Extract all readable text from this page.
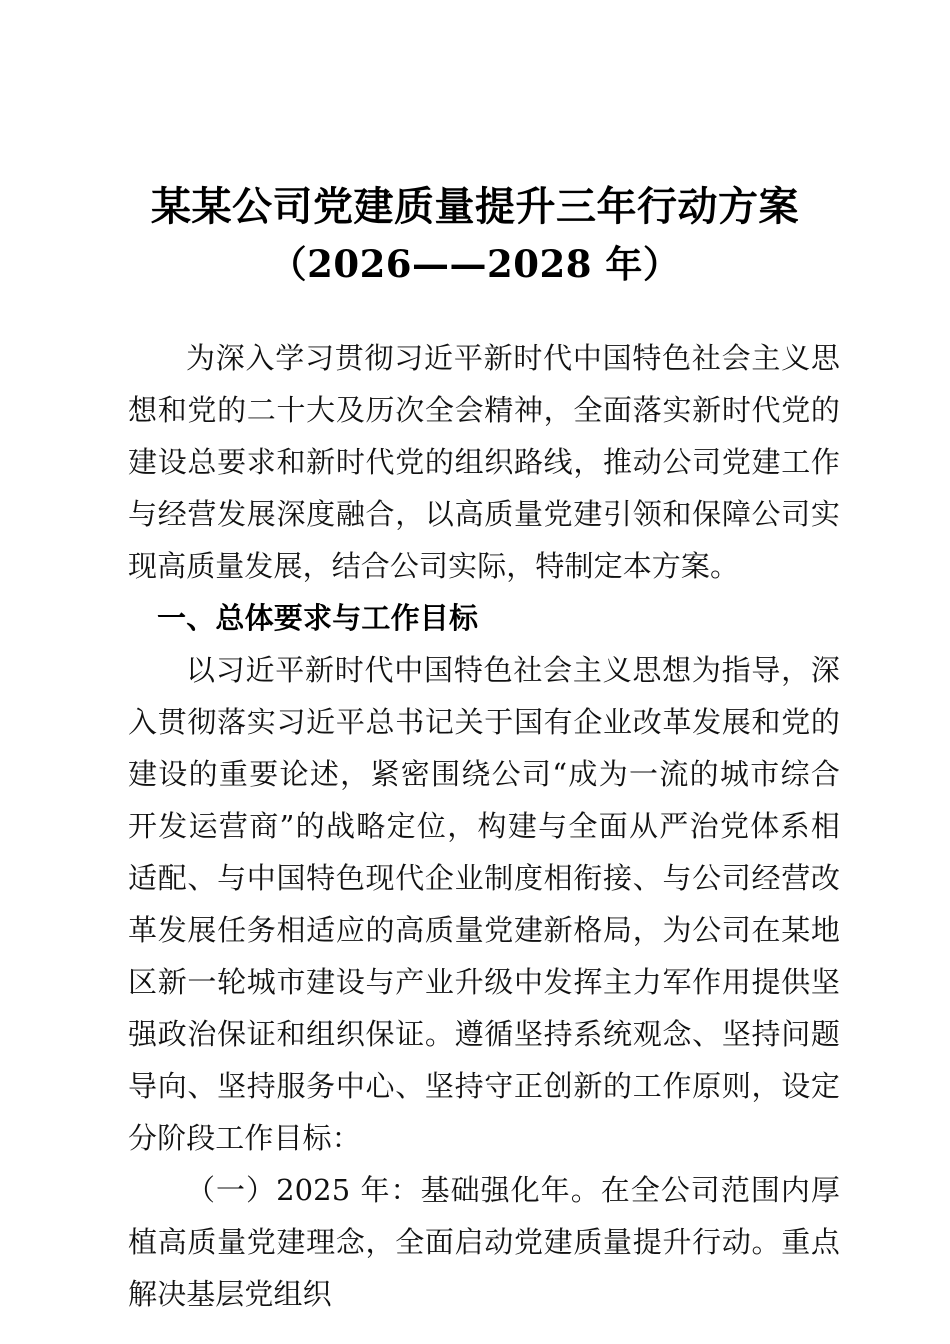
某某公司党建质量提升三年行动方案
（2026——2028 年）

为深入学习贯彻习近平新时代中国特色社会主义思想和党的二十大及历次全会精神，全面落实新时代党的建设总要求和新时代党的组织路线，推动公司党建工作与经营发展深度融合，以高质量党建引领和保障公司实现高质量发展，结合公司实际，特制定本方案。

一、总体要求与工作目标

以习近平新时代中国特色社会主义思想为指导，深入贯彻落实习近平总书记关于国有企业改革发展和党的建设的重要论述，紧密围绕公司“成为一流的城市综合开发运营商”的战略定位，构建与全面从严治党体系相适配、与中国特色现代企业制度相衔接、与公司经营改革发展任务相适应的高质量党建新格局，为公司在某地区新一轮城市建设与产业升级中发挥主力军作用提供坚强政治保证和组织保证。遵循坚持系统观念、坚持问题导向、坚持服务中心、坚持守正创新的工作原则，设定分阶段工作目标：

（一）2025 年：基础强化年。在全公司范围内厚植高质量党建理念，全面启动党建质量提升行动。重点解决基层党组织
